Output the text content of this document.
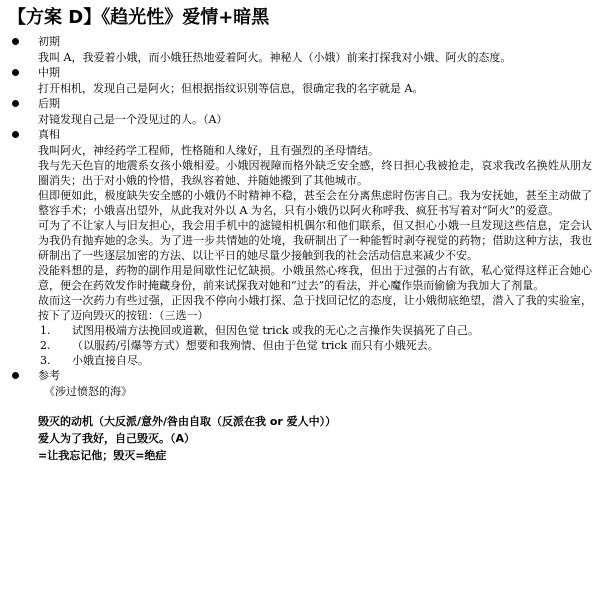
【方案 D】《趋光性》爱情+暗黑
初期

我叫 A，我爱着小娥，而小娥狂热地爱着阿火。神秘人（小娥）前来打探我对小娥、阿火的态度。

中期

打开相机，发现自己是阿火；但根据指纹识别等信息，很确定我的名字就是 A。

后期

对镜发现自己是一个没见过的人。（A）

真相

我叫阿火，神经药学工程师，性格随和人缘好，且有强烈的圣母情结。

我与先天色盲的地震系女孩小娥相爱。小娥因视障而格外缺乏安全感，终日担心我被抢走，哀求我改名换姓从朋友圈消失；出于对小娥的怜惜，我纵容着她、并随她搬到了其他城市。

但即便如此，极度缺失安全感的小娥仍不时精神不稳，甚至会在分离焦虑时伤害自己。我为安抚她，甚至主动做了整容手术；小娥喜出望外，从此我对外以 A 为名，只有小娥仍以阿火称呼我、疯狂书写着对“阿火”的爱意。

可为了不让家人与旧友担心，我会用手机中的滤镜相机偶尔和他们联系，但又担心小娥一旦发现这些信息，定会认为我仍有抛弃她的念头。为了进一步共情她的处境，我研制出了一种能暂时剥夺视觉的药物；借助这种方法，我也研制出了一些逐层加密的方法、以让平日的她尽量少接触到我的社会活动信息来减少不安。

没能料想的是，药物的副作用是间歇性记忆缺损。小娥虽然心疼我，但出于过强的占有欲，私心觉得这样正合她心意，便会在药效发作时掩藏身份，前来试探我对她和“过去”的看法，并心魔作祟而偷偷为我加大了剂量。

故而这一次药力有些过强，正因我不停向小娥打探、急于找回记忆的态度，让小娥彻底绝望，潜入了我的实验室，按下了迈向毁灭的按钮：（三选一）

1. 试图用极端方法挽回或道歉，但因色觉 trick 或我的无心之言操作失误搞死了自己。
2. （以服药/引爆等方式）想要和我殉情、但由于色觉 trick 而只有小娥死去。
3. 小娥直接自尽。
参考
《涉过愤怒的海》
毁灭的动机（大反派/意外/咎由自取（反派在我 or 爱人中））
爱人为了我好，自己毁灭。（A）
=让我忘记他；毁灭=绝症
